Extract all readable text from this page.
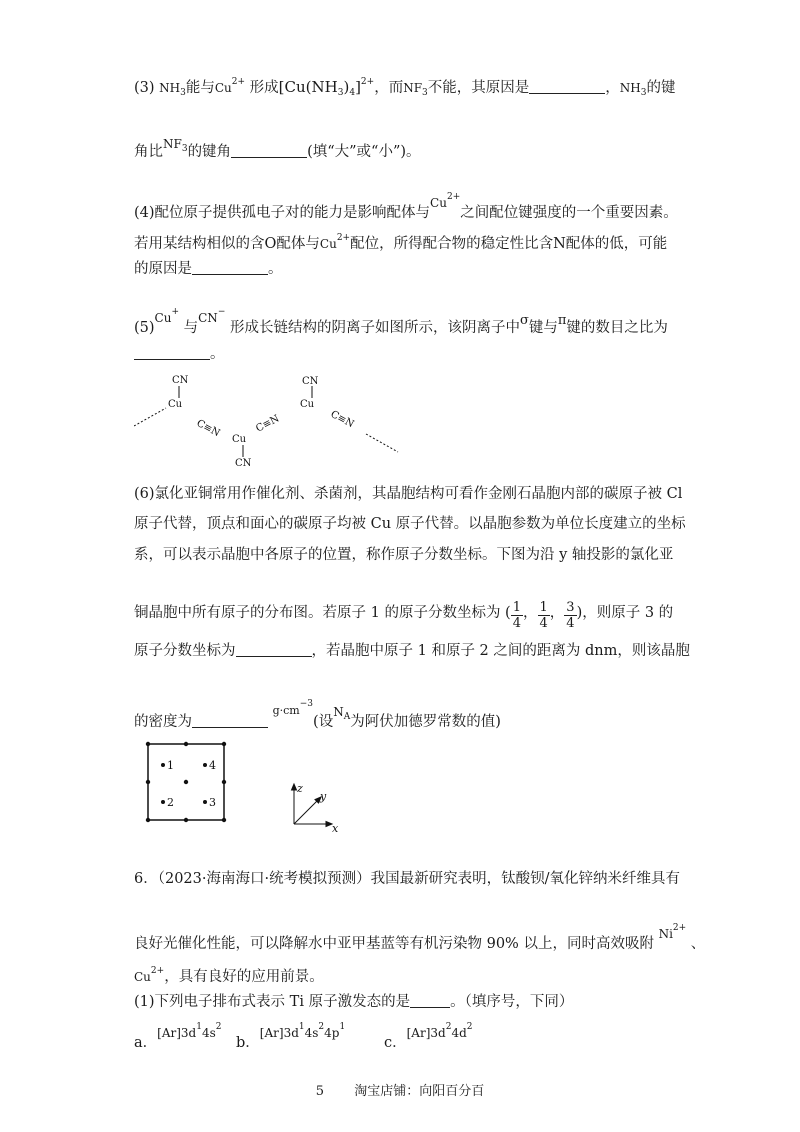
(3) $NH_3$能与$Cu^{2+}$ 形成$[Cu(NH_3)_4]^{2+}$，而$NF_3$不能，其原因是	，$NH_3$的键
角比$^{NF_3}$的键角	(填“大”或“小”)。
(4)配位原子提供孤电子对的能力是影响配体与$^{Cu^{2+}}$之间配位键强度的一个重要因素。
若用某结构相似的含O配体与$Cu^{2+}$配位，所得配合物的稳定性比含N配体的低，可能
的原因是	。
$(5)^{Cu^+}$ 与$^{CN^-}$ 形成长链结构的阴离子如图所示，该阴离子中σ键与π键的数目之比为
。
CN
Cu
C≡N
Cu
CN
C≡N
CN
Cu
C≡N
(6)氯化亚铜常用作催化剂、杀菌剂，其晶胞结构可看作金刚石晶胞内部的碳原子被 Cl
原子代替，顶点和面心的碳原子均被 Cu 原子代替。以晶胞参数为单位长度建立的坐标
系，可以表示晶胞中各原子的位置，称作原子分数坐标。下图为沿 y 轴投影的氯化亚
铜晶胞中所有原子的分布图。若原子 1 的原子分数坐标为 ( $\frac{1}{4}$ ， $\frac{1}{4}$ ， $\frac{3}{4}$ )，则原子 3 的
原子分数坐标为	，若晶胞中原子 1 和原子 2 之间的距离为 dnm，则该晶胞
的密度为 $^{g\cdot cm^{-3}}$(设$^{N_A}$为阿伏加德罗常数的值)
1	4
2	3
z
y
x
6．（2023·海南海口·统考模拟预测）我国最新研究表明，钛酸钡/氧化锌纳米纤维具有
良好光催化性能，可以降解水中亚甲基蓝等有机污染物 90% 以上，同时高效吸附 $^{Ni^{2+}}$ 、
$Cu^{2+}$，具有良好的应用前景。
(1)下列电子排布式表示 Ti 原子激发态的是	。（填序号，下同）
a．$[Ar]3d^14s^2$
b．$[Ar]3d^14s^24p^1$
c．$[Ar]3d^24d^2$
5 淘宝店铺：向阳百分百
